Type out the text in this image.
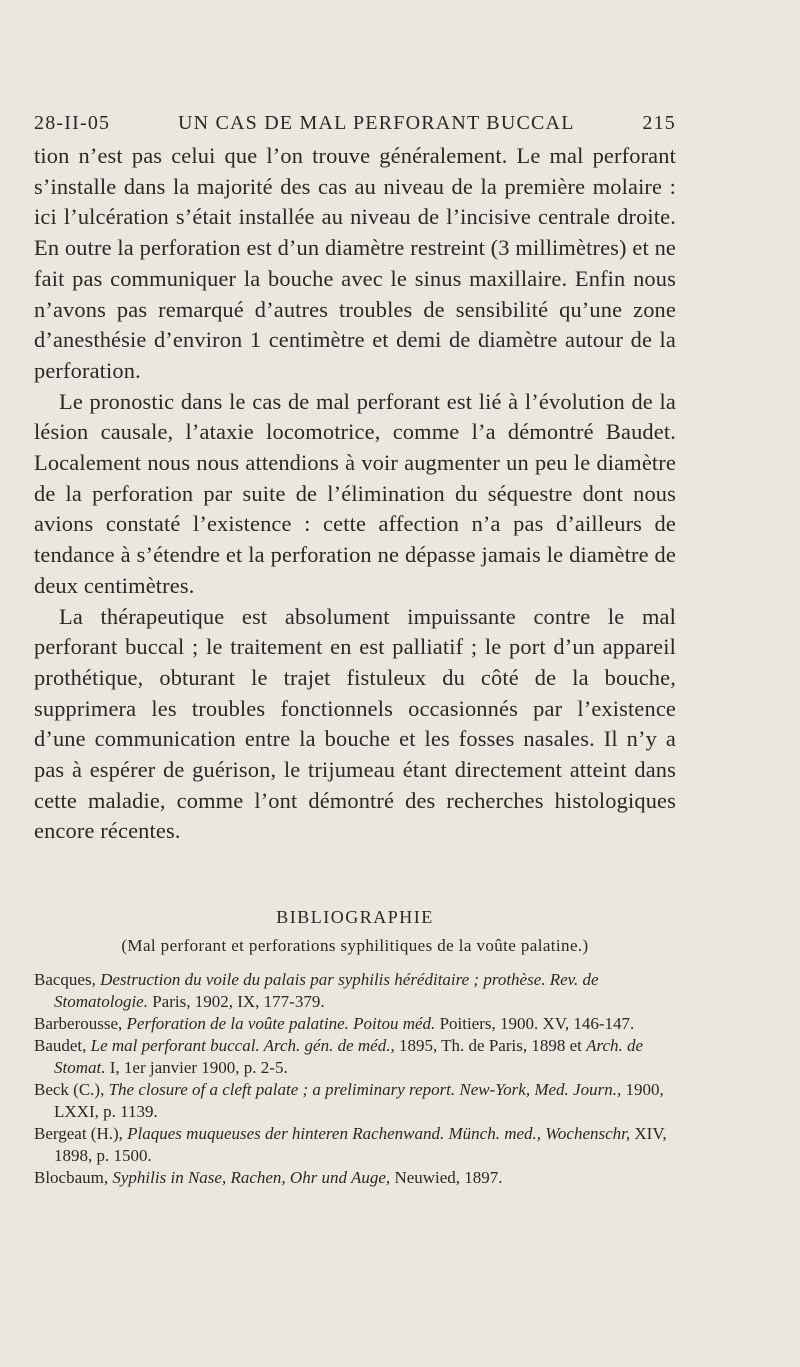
28-II-05	UN CAS DE MAL PERFORANT BUCCAL	215

tion n’est pas celui que l’on trouve généralement. Le mal perforant s’installe dans la majorité des cas au niveau de la première molaire : ici l’ulcération s’était installée au niveau de l’incisive centrale droite. En outre la perforation est d’un diamètre restreint (3 millimètres) et ne fait pas communiquer la bouche avec le sinus maxillaire. Enfin nous n’avons pas remarqué d’autres troubles de sensibilité qu’une zone d’anesthésie d’environ 1 centimètre et demi de diamètre autour de la perforation.

Le pronostic dans le cas de mal perforant est lié à l’évolution de la lésion causale, l’ataxie locomotrice, comme l’a démontré Baudet. Localement nous nous attendions à voir augmenter un peu le diamètre de la perforation par suite de l’élimination du séquestre dont nous avions constaté l’existence : cette affection n’a pas d’ailleurs de tendance à s’étendre et la perforation ne dépasse jamais le diamètre de deux centimètres.

La thérapeutique est absolument impuissante contre le mal perforant buccal ; le traitement en est palliatif ; le port d’un appareil prothétique, obturant le trajet fistuleux du côté de la bouche, supprimera les troubles fonctionnels occasionnés par l’existence d’une communication entre la bouche et les fosses nasales. Il n’y a pas à espérer de guérison, le trijumeau étant directement atteint dans cette maladie, comme l’ont démontré des recherches histologiques encore récentes.

BIBLIOGRAPHIE
(Mal perforant et perforations syphilitiques de la voûte palatine.)

Bacques, Destruction du voile du palais par syphilis héréditaire ; prothèse. Rev. de Stomatologie. Paris, 1902, IX, 177-379.

Barberousse, Perforation de la voûte palatine. Poitou méd. Poitiers, 1900. XV, 146-147.

Baudet, Le mal perforant buccal. Arch. gén. de méd., 1895, Th. de Paris, 1898 et Arch. de Stomat. I, 1er janvier 1900, p. 2-5.

Beck (C.), The closure of a cleft palate ; a preliminary report. New-York, Med. Journ., 1900, LXXI, p. 1139.

Bergeat (H.), Plaques muqueuses der hinteren Rachenwand. Münch. med., Wochenschr, XIV, 1898, p. 1500.

Blocbaum, Syphilis in Nase, Rachen, Ohr und Auge, Neuwied, 1897.
